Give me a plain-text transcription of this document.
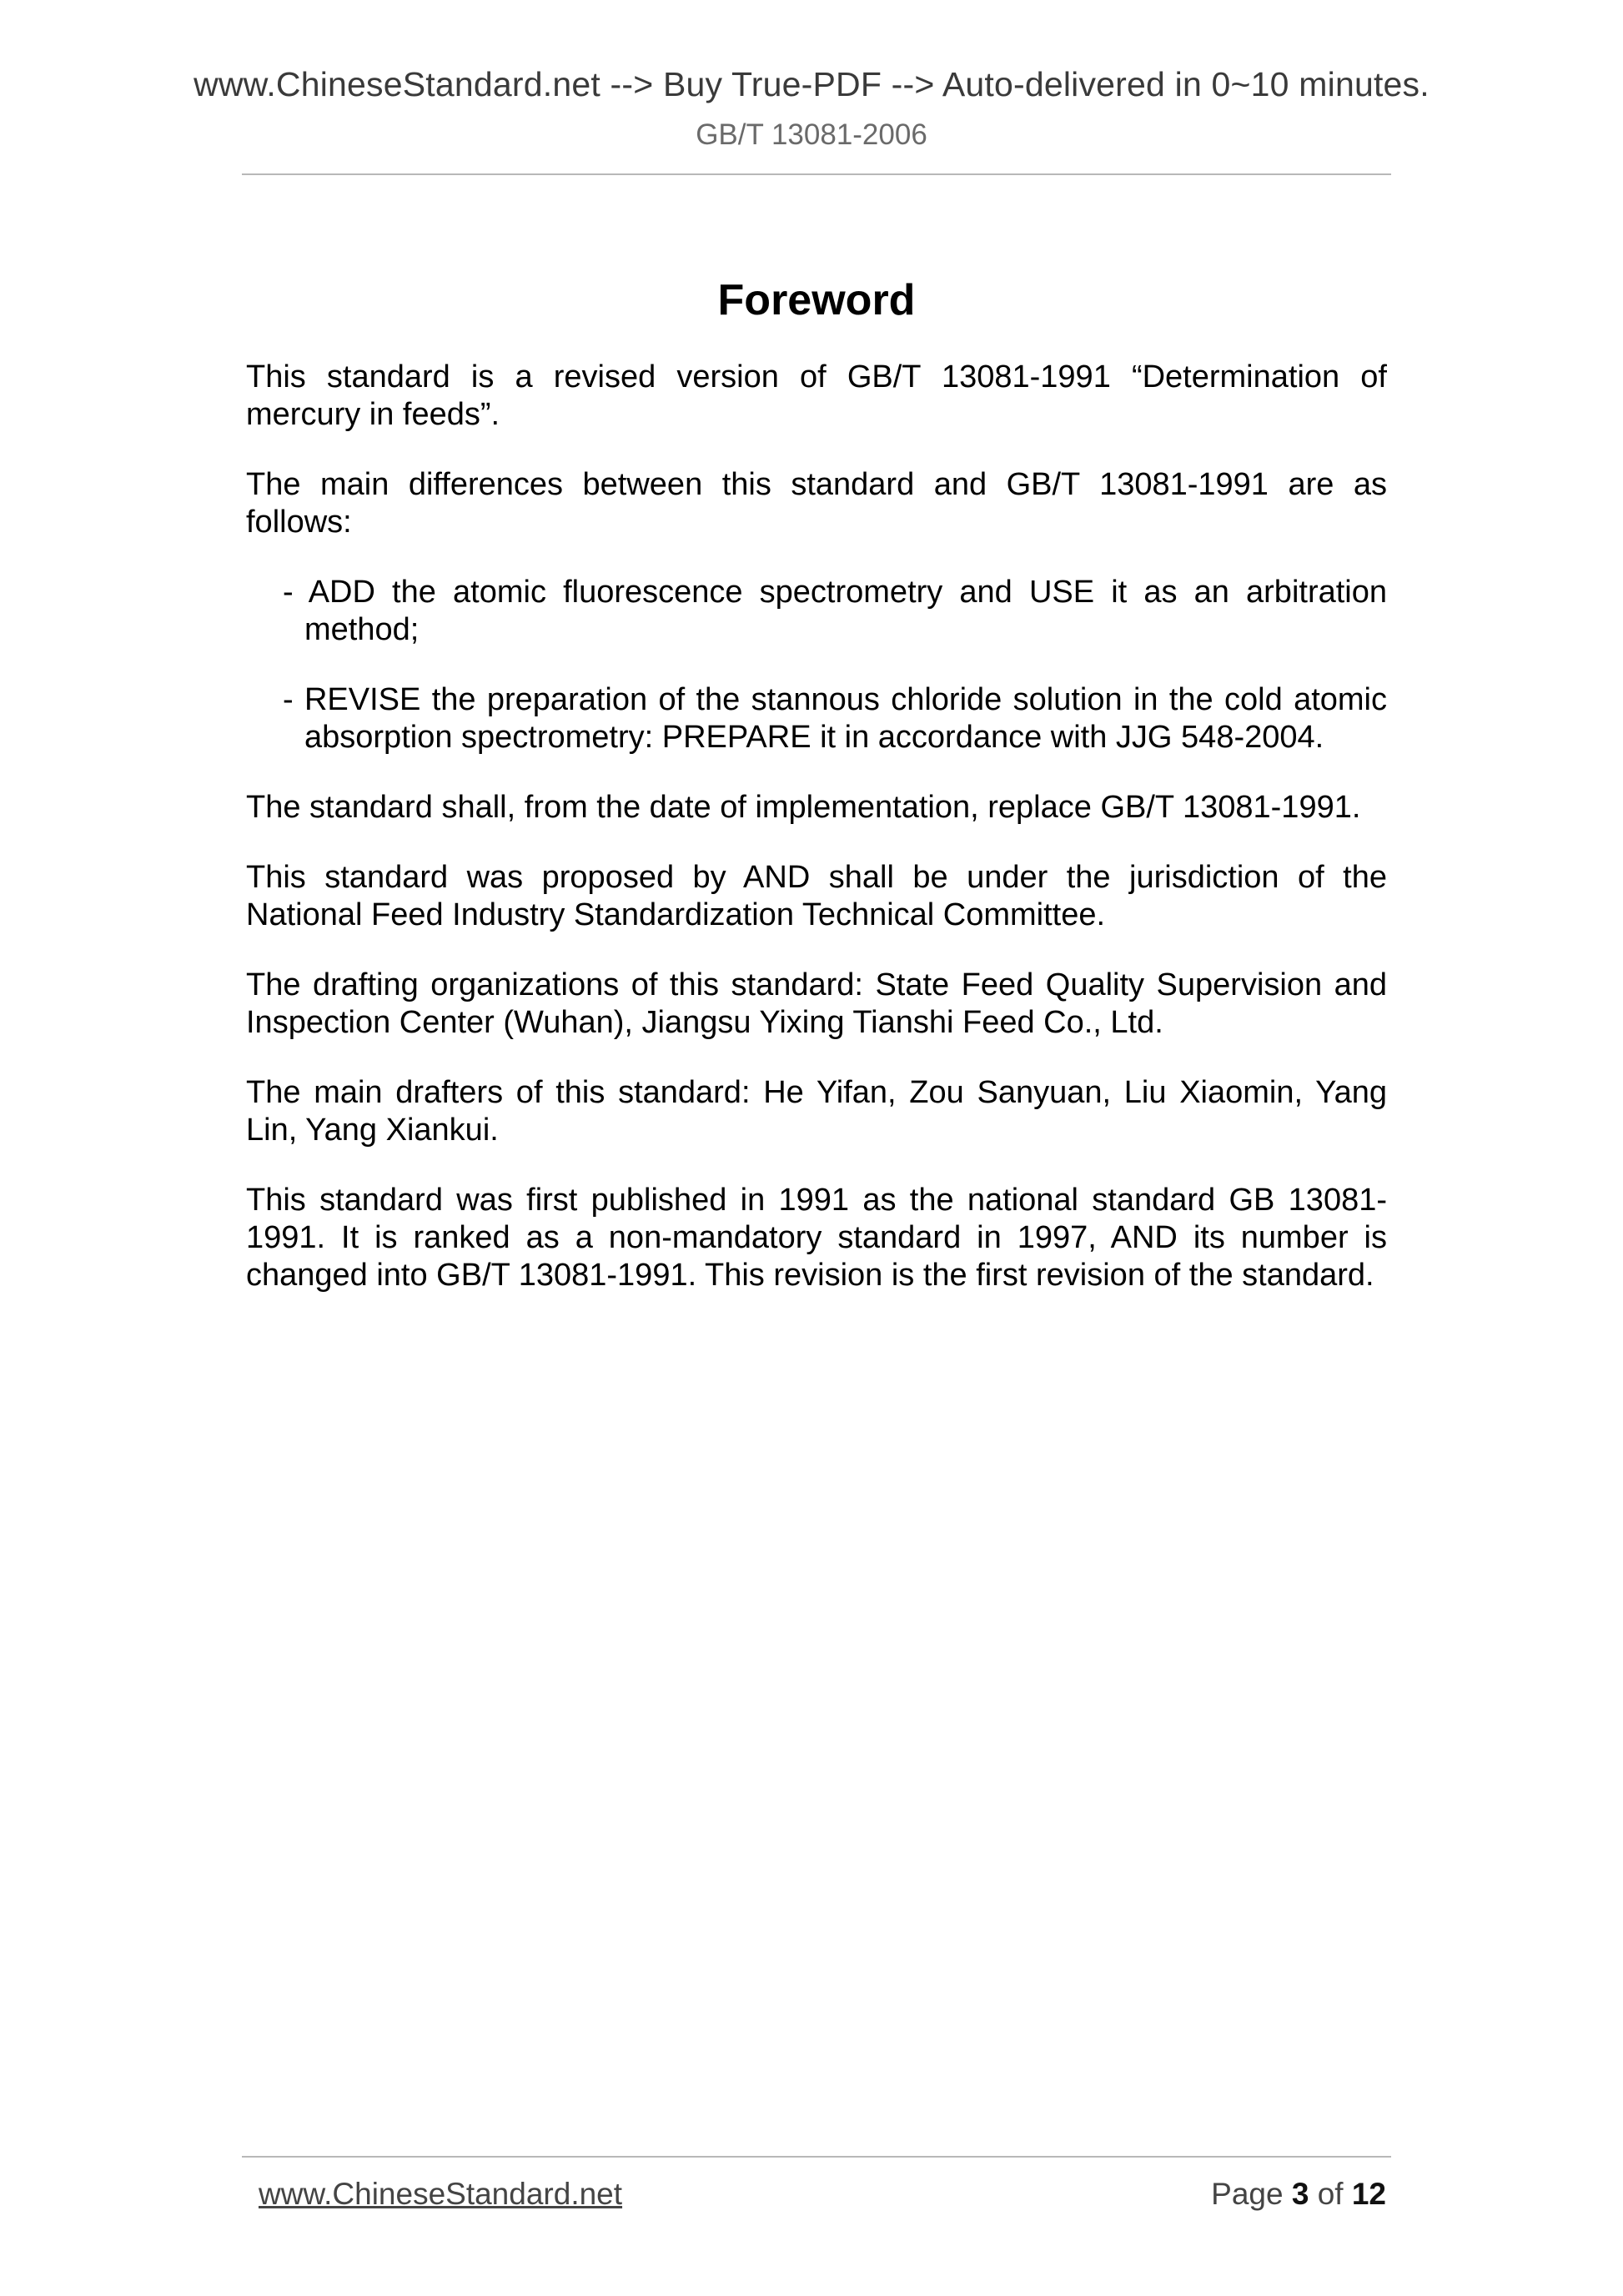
www.ChineseStandard.net --> Buy True-PDF --> Auto-delivered in 0~10 minutes.
GB/T 13081-2006
Foreword

This standard is a revised version of GB/T 13081-1991 “Determination of mercury in feeds”.

The main differences between this standard and GB/T 13081-1991 are as follows:

- ADD the atomic fluorescence spectrometry and USE it as an arbitration method;

- REVISE the preparation of the stannous chloride solution in the cold atomic absorption spectrometry: PREPARE it in accordance with JJG 548-2004.

The standard shall, from the date of implementation, replace GB/T 13081-1991.

This standard was proposed by AND shall be under the jurisdiction of the National Feed Industry Standardization Technical Committee.

The drafting organizations of this standard: State Feed Quality Supervision and Inspection Center (Wuhan), Jiangsu Yixing Tianshi Feed Co., Ltd.

The main drafters of this standard: He Yifan, Zou Sanyuan, Liu Xiaomin, Yang Lin, Yang Xiankui.

This standard was first published in 1991 as the national standard GB 13081-1991. It is ranked as a non-mandatory standard in 1997, AND its number is changed into GB/T 13081-1991. This revision is the first revision of the standard.

www.ChineseStandard.net	Page 3 of 12
